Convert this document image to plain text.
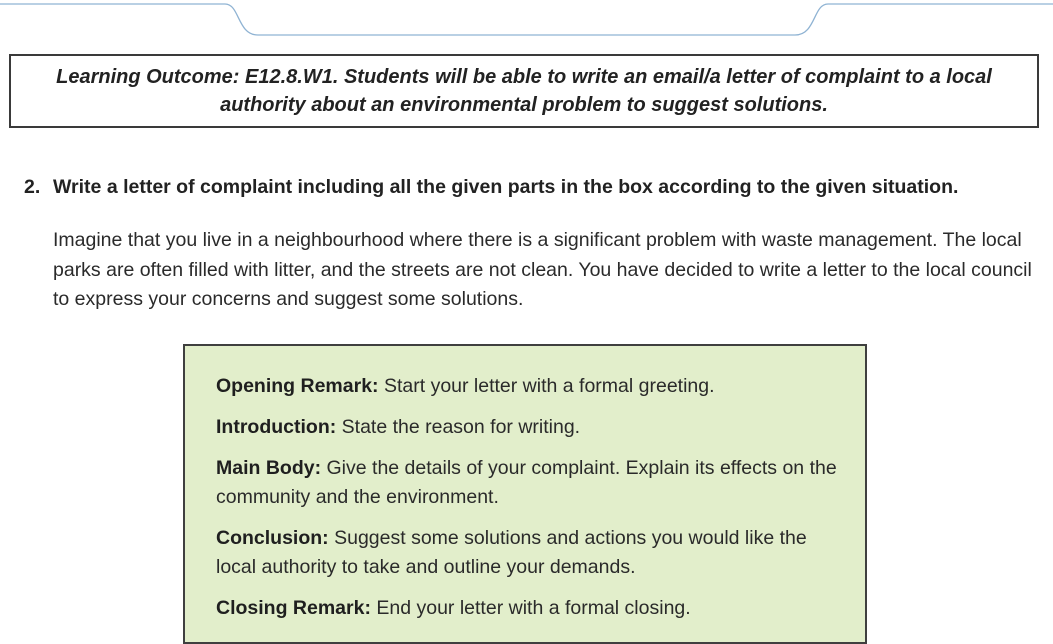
Learning Outcome: E12.8.W1. Students will be able to write an email/a letter of complaint to a local authority about an environmental problem to suggest solutions.

2. Write a letter of complaint including all the given parts in the box according to the given situation.

Imagine that you live in a neighbourhood where there is a significant problem with waste management. The local parks are often filled with litter, and the streets are not clean. You have decided to write a letter to the local council to express your concerns and suggest some solutions.

Opening Remark: Start your letter with a formal greeting.

Introduction: State the reason for writing.

Main Body: Give the details of your complaint. Explain its effects on the community and the environment.

Conclusion: Suggest some solutions and actions you would like the local authority to take and outline your demands.

Closing Remark: End your letter with a formal closing.
